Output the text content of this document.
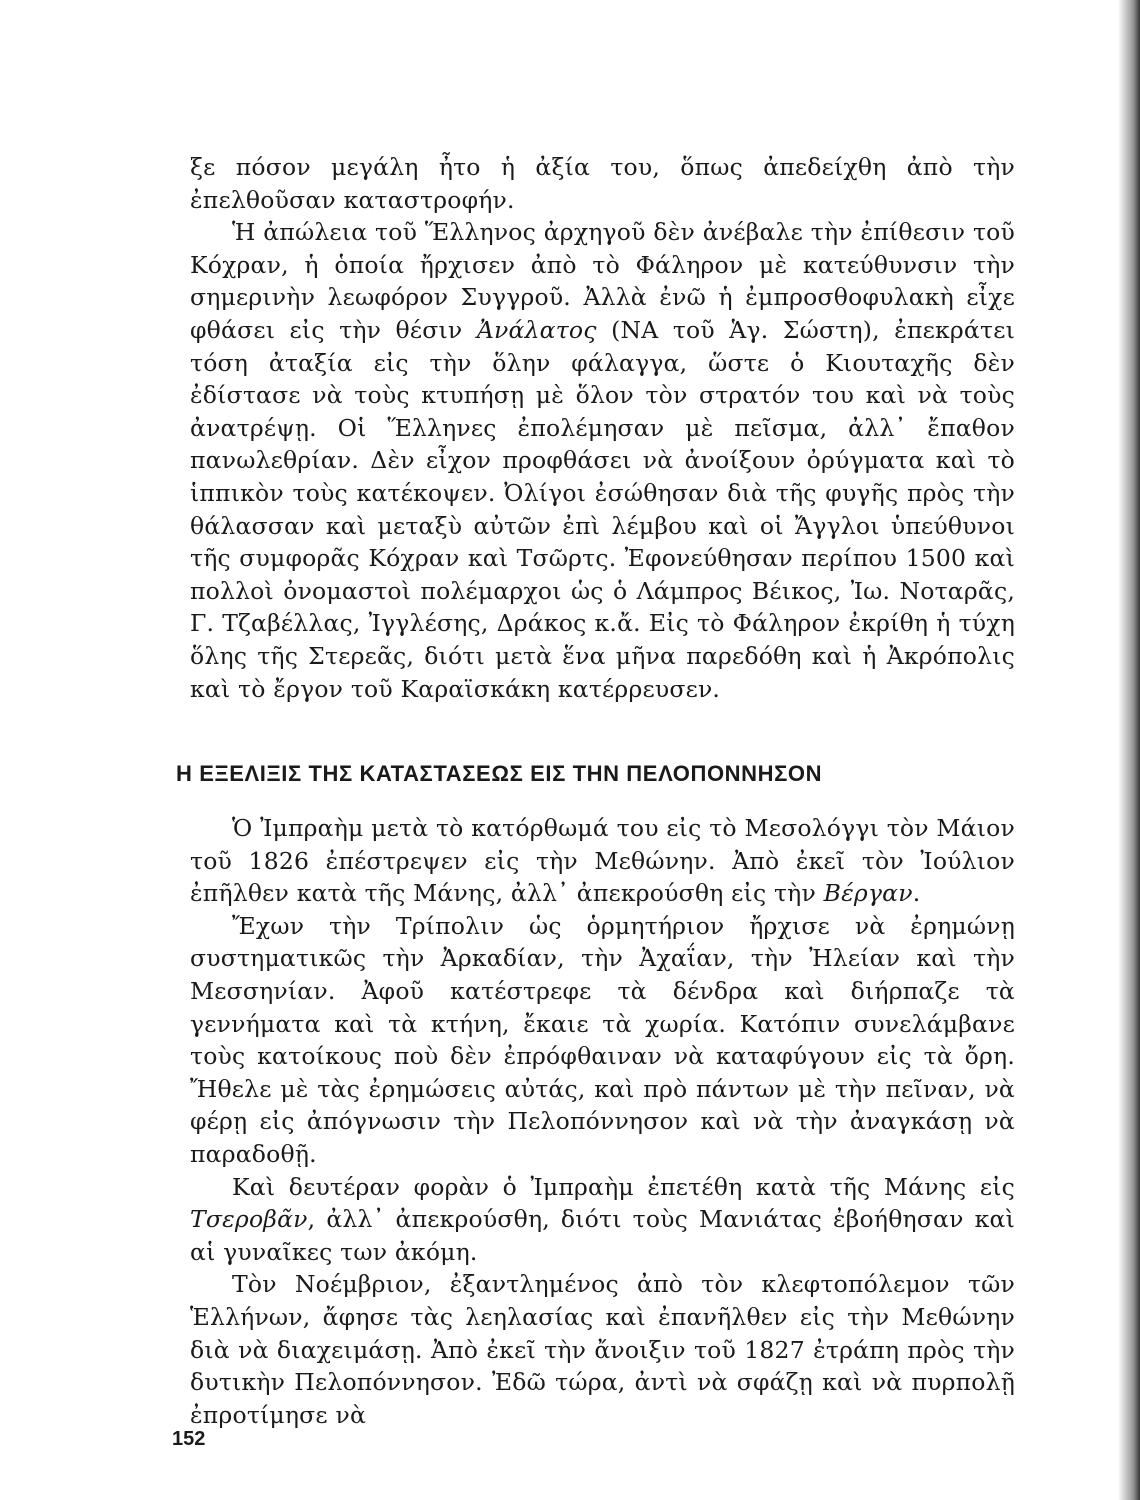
ξε πόσον μεγάλη ἦτο ἡ ἀξία του, ὅπως ἀπεδείχθη ἀπὸ τὴν ἐπελθοῦσαν καταστροφήν.

Ἡ ἀπώλεια τοῦ Ἕλληνος ἀρχηγοῦ δὲν ἀνέβαλε τὴν ἐπίθεσιν τοῦ Κόχραν, ἡ ὁποία ἤρχισεν ἀπὸ τὸ Φάληρον μὲ κατεύθυνσιν τὴν σημερινὴν λεωφόρον Συγγροῦ. Ἀλλὰ ἐνῶ ἡ ἐμπροσθοφυλακὴ εἶχε φθάσει εἰς τὴν θέσιν Ἀνάλατος (ΝΑ τοῦ Ἁγ. Σώστη), ἐπεκράτει τόση ἀταξία εἰς τὴν ὅλην φάλαγγα, ὥστε ὁ Κιουταχῆς δὲν ἐδίστασε νὰ τοὺς κτυπήσῃ μὲ ὅλον τὸν στρατόν του καὶ νὰ τοὺς ἀνατρέψῃ. Οἱ Ἕλληνες ἐπολέμησαν μὲ πεῖσμα, ἀλλ᾽ ἔπαθον πανωλεθρίαν. Δὲν εἶχον προφθάσει νὰ ἀνοίξουν ὀρύγματα καὶ τὸ ἱππικὸν τοὺς κατέκοψεν. Ὀλίγοι ἐσώθησαν διὰ τῆς φυγῆς πρὸς τὴν θάλασσαν καὶ μεταξὺ αὐτῶν ἐπὶ λέμβου καὶ οἱ Ἄγγλοι ὑπεύθυνοι τῆς συμφορᾶς Κόχραν καὶ Τσῶρτς. Ἐφονεύθησαν περίπου 1500 καὶ πολλοὶ ὀνομαστοὶ πολέμαρχοι ὡς ὁ Λάμπρος Βέικος, Ἰω. Νοταρᾶς, Γ. Τζαβέλλας, Ἰγγλέσης, Δράκος κ.ἄ. Εἰς τὸ Φάληρον ἐκρίθη ἡ τύχη ὅλης τῆς Στερεᾶς, διότι μετὰ ἕνα μῆνα παρεδόθη καὶ ἡ Ἀκρόπολις καὶ τὸ ἔργον τοῦ Καραϊσκάκη κατέρρευσεν.

Η ΕΞΕΛΙΞΙΣ ΤΗΣ ΚΑΤΑΣΤΑΣΕΩΣ ΕΙΣ ΤΗΝ ΠΕΛΟΠΟΝΝΗΣΟΝ

Ὁ Ἰμπραὴμ μετὰ τὸ κατόρθωμά του εἰς τὸ Μεσολόγγι τὸν Μάιον τοῦ 1826 ἐπέστρεψεν εἰς τὴν Μεθώνην. Ἀπὸ ἐκεῖ τὸν Ἰούλιον ἐπῆλθεν κατὰ τῆς Μάνης, ἀλλ᾽ ἀπεκρούσθη εἰς τὴν Βέργαν.

Ἔχων τὴν Τρίπολιν ὡς ὁρμητήριον ἤρχισε νὰ ἐρημώνῃ συστηματικῶς τὴν Ἀρκαδίαν, τὴν Ἀχαΐαν, τὴν Ἠλείαν καὶ τὴν Μεσσηνίαν. Ἀφοῦ κατέστρεφε τὰ δένδρα καὶ διήρπαζε τὰ γεννήματα καὶ τὰ κτήνη, ἔκαιε τὰ χωρία. Κατόπιν συνελάμβανε τοὺς κατοίκους ποὺ δὲν ἐπρόφθαιναν νὰ καταφύγουν εἰς τὰ ὄρη. Ἤθελε μὲ τὰς ἐρημώσεις αὐτάς, καὶ πρὸ πάντων μὲ τὴν πεῖναν, νὰ φέρῃ εἰς ἀπόγνωσιν τὴν Πελοπόννησον καὶ νὰ τὴν ἀναγκάσῃ νὰ παραδοθῇ.

Καὶ δευτέραν φορὰν ὁ Ἰμπραὴμ ἐπετέθη κατὰ τῆς Μάνης εἰς Τσεροβᾶν, ἀλλ᾽ ἀπεκρούσθη, διότι τοὺς Μανιάτας ἐβοήθησαν καὶ αἱ γυναῖκες των ἀκόμη.

Τὸν Νοέμβριον, ἐξαντλημένος ἀπὸ τὸν κλεφτοπόλεμον τῶν Ἑλλήνων, ἄφησε τὰς λεηλασίας καὶ ἐπανῆλθεν εἰς τὴν Μεθώνην διὰ νὰ διαχειμάσῃ. Ἀπὸ ἐκεῖ τὴν ἄνοιξιν τοῦ 1827 ἐτράπη πρὸς τὴν δυτικὴν Πελοπόννησον. Ἐδῶ τώρα, ἀντὶ νὰ σφάζῃ καὶ νὰ πυρπολῇ ἐπροτίμησε νὰ

152
